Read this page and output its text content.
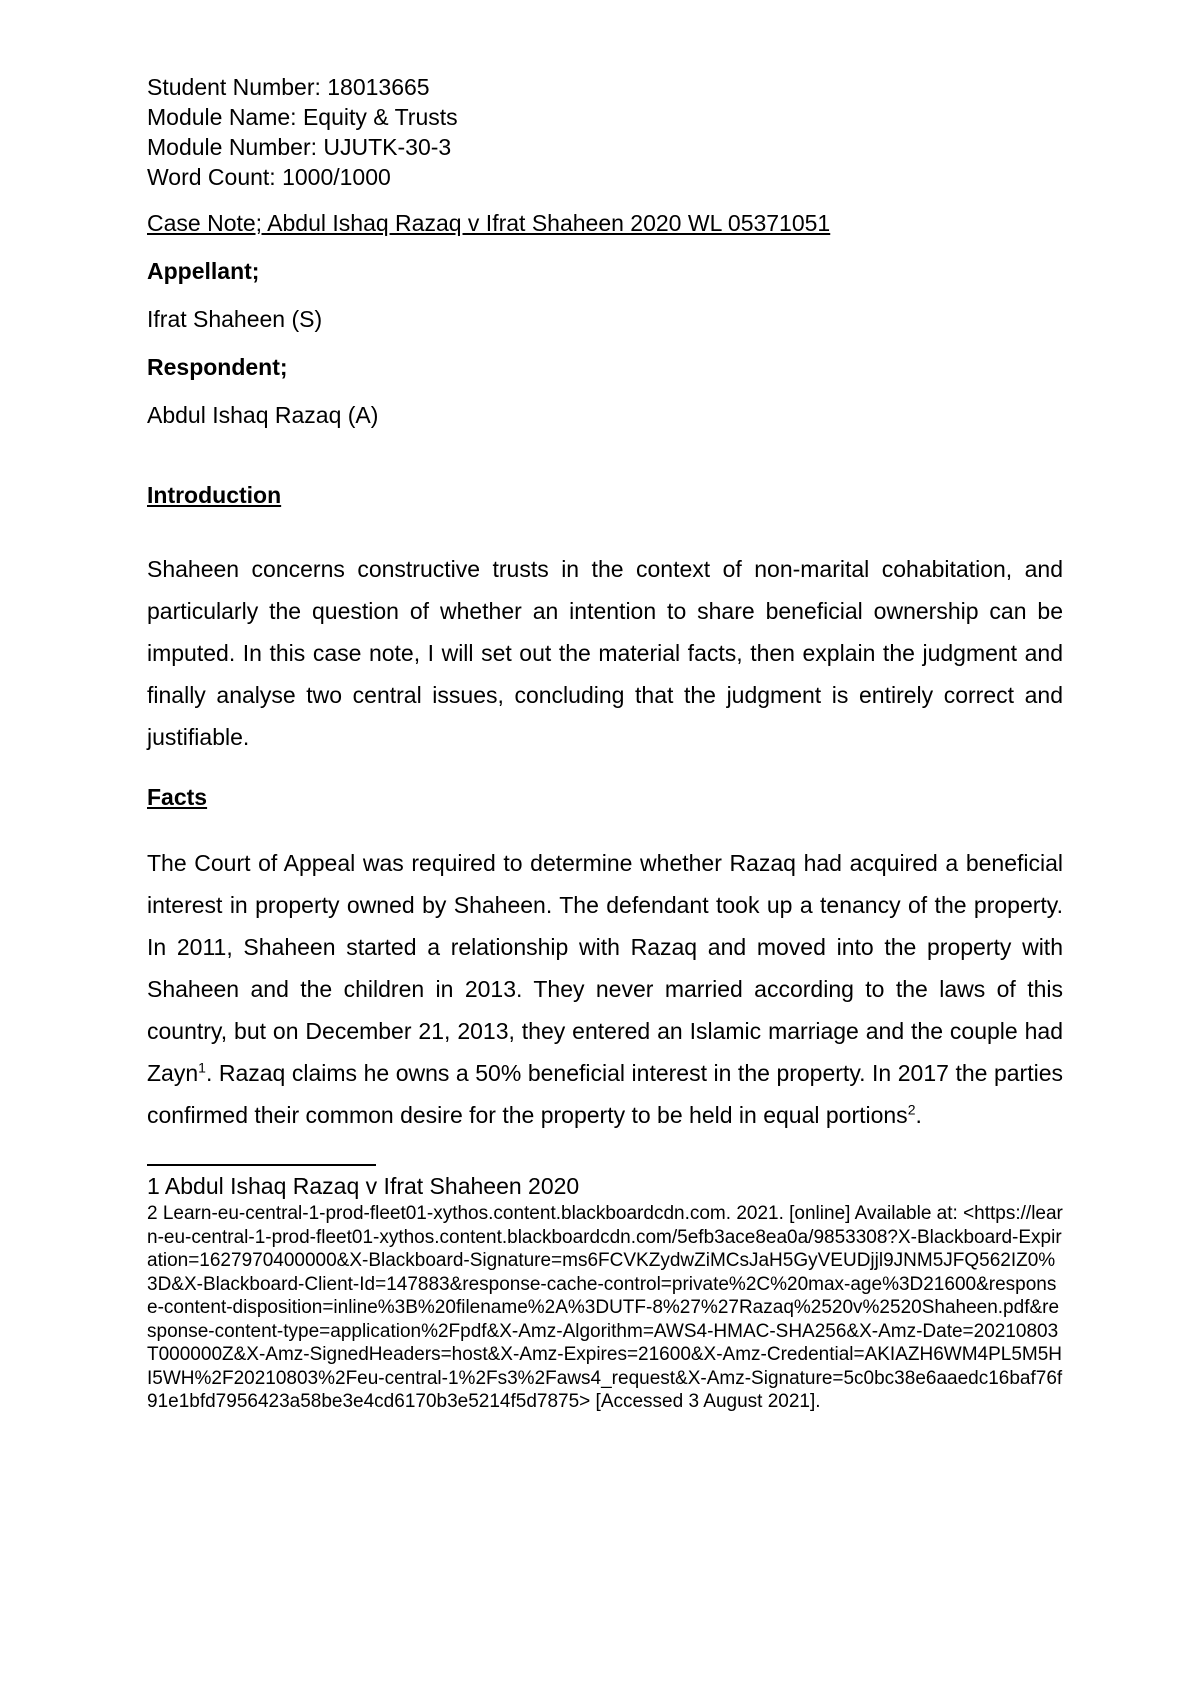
Student Number: 18013665

Module Name: Equity & Trusts

Module Number: UJUTK-30-3

Word Count: 1000/1000

Case Note; Abdul Ishaq Razaq v Ifrat Shaheen 2020 WL 05371051

Appellant;

Ifrat Shaheen (S)

Respondent;

Abdul Ishaq Razaq (A)

Introduction

Shaheen concerns constructive trusts in the context of non-marital cohabitation, and particularly the question of whether an intention to share beneficial ownership can be imputed. In this case note, I will set out the material facts, then explain the judgment and finally analyse two central issues, concluding that the judgment is entirely correct and justifiable.

Facts

The Court of Appeal was required to determine whether Razaq had acquired a beneficial interest in property owned by Shaheen. The defendant took up a tenancy of the property. In 2011, Shaheen started a relationship with Razaq and moved into the property with Shaheen and the children in 2013. They never married according to the laws of this country, but on December 21, 2013, they entered an Islamic marriage and the couple had Zayn$^1$. Razaq claims he owns a 50% beneficial interest in the property. In 2017 the parties confirmed their common desire for the property to be held in equal portions$^2$.

1 Abdul Ishaq Razaq v Ifrat Shaheen 2020

2 Learn-eu-central-1-prod-fleet01-xythos.content.blackboardcdn.com. 2021. [online] Available at: <https://learn-eu-central-1-prod-fleet01-xythos.content.blackboardcdn.com/5efb3ace8ea0a/9853308?X-Blackboard-Expiration=1627970400000&X-Blackboard-Signature=ms6FCVKZydwZiMCsJaH5GyVEUDjjl9JNM5JFQ562IZ0%3D&X-Blackboard-Client-Id=147883&response-cache-control=private%2C%20max-age%3D21600&response-content-disposition=inline%3B%20filename%2A%3DUTF-8%27%27Razaq%2520v%2520Shaheen.pdf&response-content-type=application%2Fpdf&X-Amz-Algorithm=AWS4-HMAC-SHA256&X-Amz-Date=20210803T000000Z&X-Amz-SignedHeaders=host&X-Amz-Expires=21600&X-Amz-Credential=AKIAZH6WM4PL5M5HI5WH%2F20210803%2Feu-central-1%2Fs3%2Faws4_request&X-Amz-Signature=5c0bc38e6aaedc16baf76f91e1bfd7956423a58be3e4cd6170b3e5214f5d7875> [Accessed 3 August 2021].
